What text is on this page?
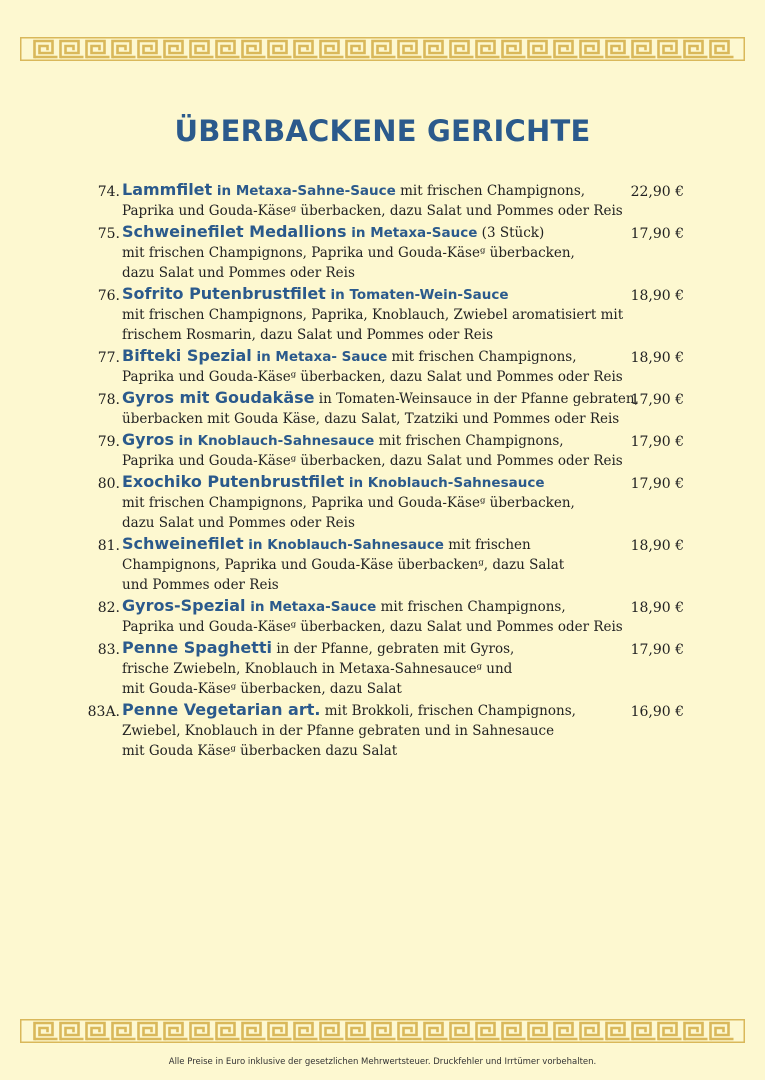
ÜBERBACKENE GERICHTE
74. Lammfilet in Metaxa-Sahne-Sauce mit frischen Champignons,
Paprika und Gouda-Käseᵍ überbacken, dazu Salat und Pommes oder Reis
22,90 €
75. Schweinefilet Medallions in Metaxa-Sauce (3 Stück)
mit frischen Champignons, Paprika und Gouda-Käseᵍ überbacken,
dazu Salat und Pommes oder Reis
17,90 €
76. Sofrito Putenbrustfilet in Tomaten-Wein-Sauce
mit frischen Champignons, Paprika, Knoblauch, Zwiebel aromatisiert mit
frischem Rosmarin, dazu Salat und Pommes oder Reis
18,90 €
77. Bifteki Spezial in Metaxa- Sauce mit frischen Champignons,
Paprika und Gouda-Käseᵍ überbacken, dazu Salat und Pommes oder Reis
18,90 €
78. Gyros mit Goudakäse in Tomaten-Weinsauce in der Pfanne gebraten,
überbacken mit Gouda Käse, dazu Salat, Tzatziki und Pommes oder Reis
17,90 €
79. Gyros in Knoblauch-Sahnesauce mit frischen Champignons,
Paprika und Gouda-Käseᵍ überbacken, dazu Salat und Pommes oder Reis
17,90 €
80. Exochiko Putenbrustfilet in Knoblauch-Sahnesauce
mit frischen Champignons, Paprika und Gouda-Käseᵍ überbacken,
dazu Salat und Pommes oder Reis
17,90 €
81. Schweinefilet in Knoblauch-Sahnesauce mit frischen
Champignons, Paprika und Gouda-Käse überbackenᵍ, dazu Salat
und Pommes oder Reis
18,90 €
82. Gyros-Spezial in Metaxa-Sauce mit frischen Champignons,
Paprika und Gouda-Käseᵍ überbacken, dazu Salat und Pommes oder Reis
18,90 €
83. Penne Spaghetti in der Pfanne, gebraten mit Gyros,
frische Zwiebeln, Knoblauch in Metaxa-Sahnesauceᵍ und
mit Gouda-Käseᵍ überbacken, dazu Salat
17,90 €
83A. Penne Vegetarian art. mit Brokkoli, frischen Champignons,
Zwiebel, Knoblauch in der Pfanne gebraten und in Sahnesauce
mit Gouda Käseᵍ überbacken dazu Salat
16,90 €
Alle Preise in Euro inklusive der gesetzlichen Mehrwertsteuer. Druckfehler und Irrtümer vorbehalten.
